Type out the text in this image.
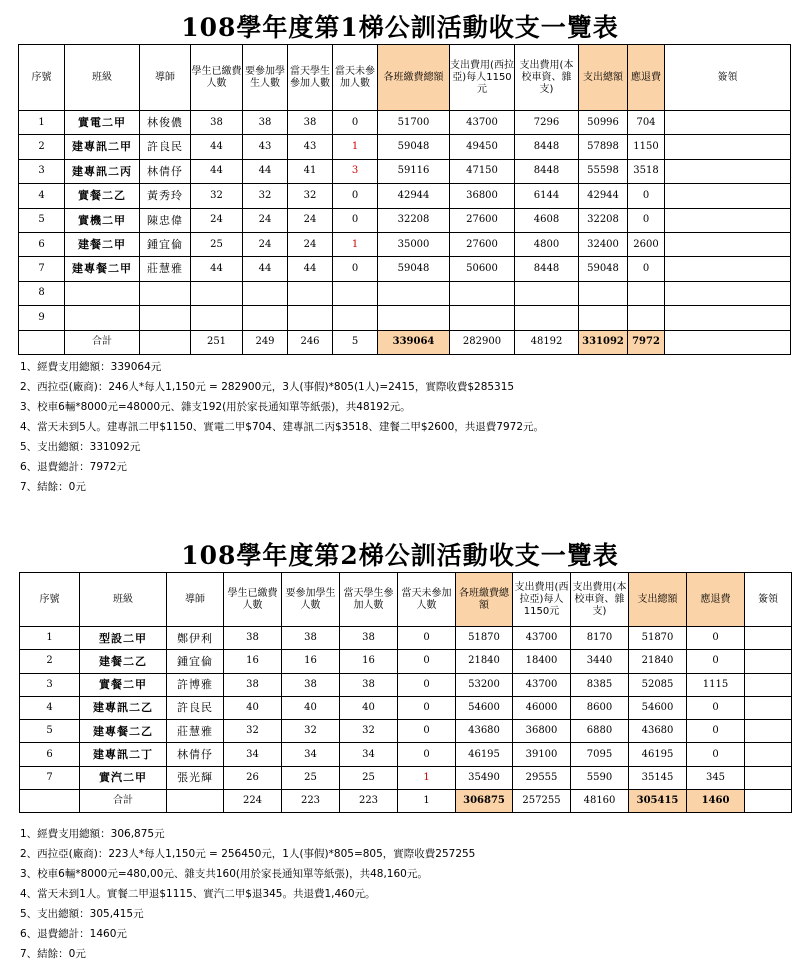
108學年度第1梯公訓活動收支一覽表
序號	班級	導師	學生已繳費人數	要參加學生人數	當天學生參加人數	當天未參加人數	各班繳費總額	支出費用(西拉亞)每人1150元	支出費用(本校車資、雜支)	支出總額	應退費	簽領
1	實電二甲	林俊儂	38	38	38	0	51700	43700	7296	50996	704	
2	建專訊二甲	許良民	44	43	43	1	59048	49450	8448	57898	1150	
3	建專訊二丙	林倩伃	44	44	41	3	59116	47150	8448	55598	3518	
4	實餐二乙	黃秀玲	32	32	32	0	42944	36800	6144	42944	0	
5	實機二甲	陳忠偉	24	24	24	0	32208	27600	4608	32208	0	
6	建餐二甲	鍾宜倫	25	24	24	1	35000	27600	4800	32400	2600	
7	建專餐二甲	莊慧雅	44	44	44	0	59048	50600	8448	59048	0	
8												
9												
	合計		251	249	246	5	339064	282900	48192	331092	7972	
1、經費支用總額：339064元
2、西拉亞(廠商)：246人*每人1,150元 = 282900元，3人(事假)*805(1人)=2415，實際收費$285315
3、校車6輛*8000元=48000元、雜支192(用於家長通知單等紙張)，共48192元。
4、當天未到5人。建專訊二甲$1150、實電二甲$704、建專訊二丙$3518、建餐二甲$2600，共退費7972元。
5、支出總額：331092元
6、退費總計：7972元
7、結餘：0元
108學年度第2梯公訓活動收支一覽表
序號	班級	導師	學生已繳費人數	要參加學生人數	當天學生參加人數	當天未參加人數	各班繳費總額	支出費用(西拉亞)每人1150元	支出費用(本校車資、雜支)	支出總額	應退費	簽領
1	型設二甲	鄭伊利	38	38	38	0	51870	43700	8170	51870	0	
2	建餐二乙	鍾宜倫	16	16	16	0	21840	18400	3440	21840	0	
3	實餐二甲	許博雅	38	38	38	0	53200	43700	8385	52085	1115	
4	建專訊二乙	許良民	40	40	40	0	54600	46000	8600	54600	0	
5	建專餐二乙	莊慧雅	32	32	32	0	43680	36800	6880	43680	0	
6	建專訊二丁	林倩伃	34	34	34	0	46195	39100	7095	46195	0	
7	實汽二甲	張光輝	26	25	25	1	35490	29555	5590	35145	345	
	合計		224	223	223	1	306875	257255	48160	305415	1460	
1、經費支用總額：306,875元
2、西拉亞(廠商)：223人*每人1,150元 = 256450元，1人(事假)*805=805，實際收費257255
3、校車6輛*8000元=480,00元、雜支共160(用於家長通知單等紙張)，共48,160元。
4、當天未到1人。實餐二甲退$1115、實汽二甲$退345。共退費1,460元。
5、支出總額：305,415元
6、退費總計：1460元
7、結餘：0元
